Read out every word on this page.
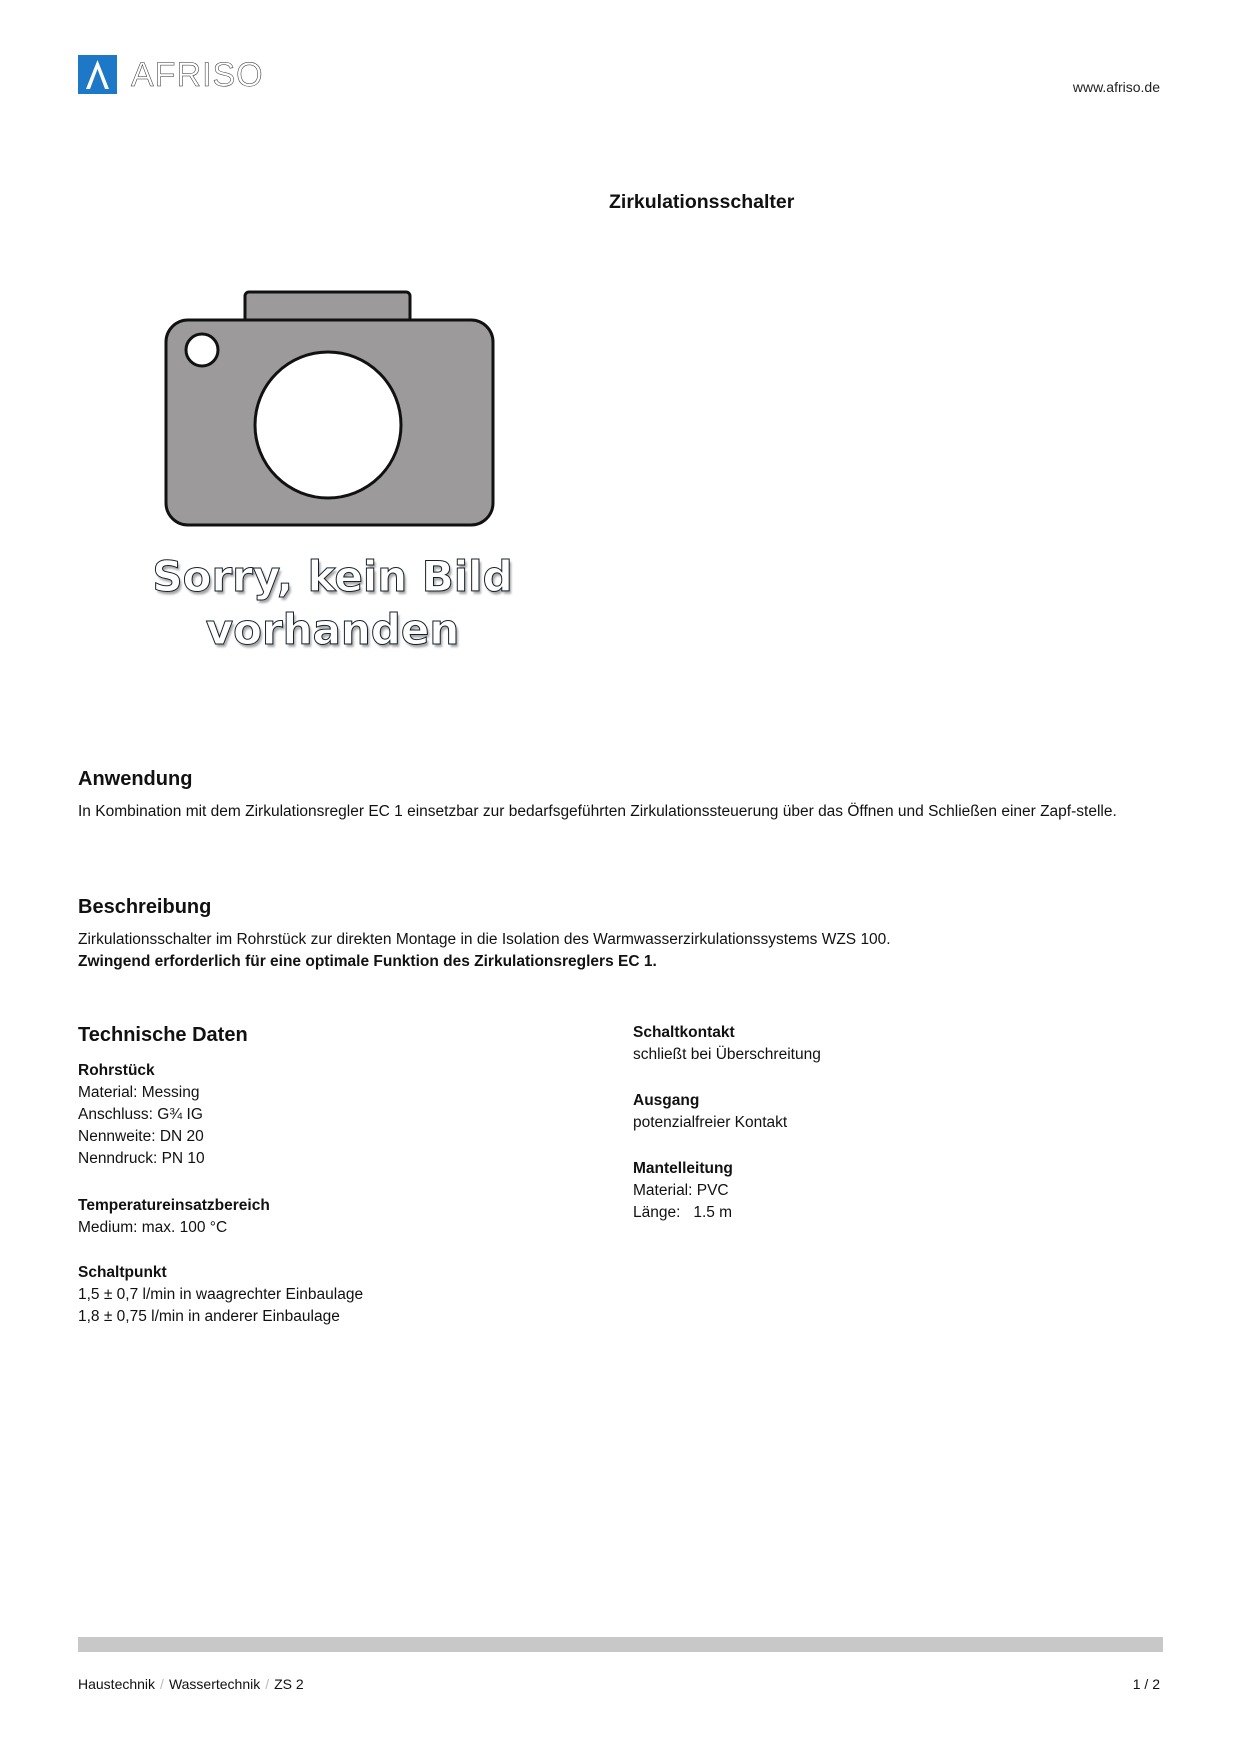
AFRISO	www.afriso.de
Zirkulationsschalter
Sorry, kein Bild
vorhanden
Anwendung
In Kombination mit dem Zirkulationsregler EC 1 einsetzbar zur bedarfsgeführten Zirkulationssteuerung über das Öffnen und Schließen einer Zapf-stelle.
Beschreibung
Zirkulationsschalter im Rohrstück zur direkten Montage in die Isolation des Warmwasserzirkulationssystems WZS 100.
Zwingend erforderlich für eine optimale Funktion des Zirkulationsreglers EC 1.
Technische Daten
Rohrstück
Material: Messing
Anschluss: G¾ IG
Nennweite: DN 20
Nenndruck: PN 10
Temperatureinsatzbereich
Medium: max. 100 °C
Schaltpunkt
1,5 ± 0,7 l/min in waagrechter Einbaulage
1,8 ± 0,75 l/min in anderer Einbaulage
Schaltkontakt
schließt bei Überschreitung
Ausgang
potenzialfreier Kontakt
Mantelleitung
Material: PVC
Länge:   1.5 m
Haustechnik / Wassertechnik / ZS 2	1 / 2
